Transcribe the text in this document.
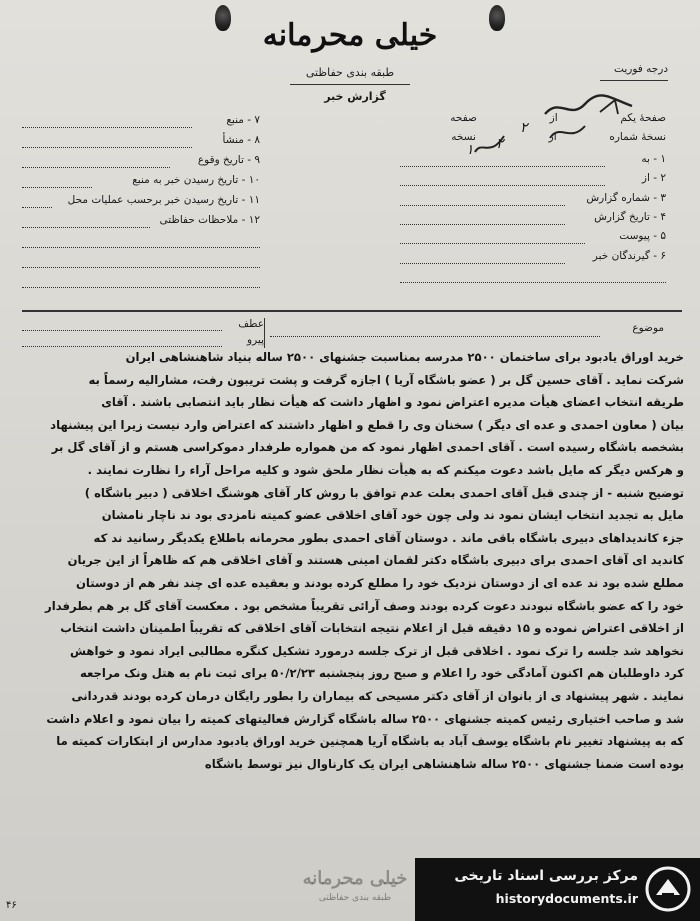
خیلی محرمانه
طبقه بندی حفاظتی
گزارش خبر
درجه فوریت
صفحهٔ یکم  از  صفحه
نسخهٔ شماره  از  نسخه
۲
۱ ۲
۱ - به
۲ - از
۳ - شماره گزارش
۴ - تاریخ گزارش
۵ - پیوست
۶ - گیرندگان خبر
۷ - منبع
۸ - منشأ
۹ - تاریخ وقوع
۱۰ - تاریخ رسیدن خبر به منبع
۱۱ - تاریخ رسیدن خبر برحسب عملیات محل
۱۲ - ملاحظات حفاظتی
موضوع
عطف
پیرو

خرید اوراق یادبود برای ساختمان ۲۵۰۰ مدرسه بمناسبت جشنهای ۲۵۰۰ ساله بنیاد شاهنشاهی ایران

شرکت نماید . آقای حسین گل بر ( عضو باشگاه آریا ) اجازه گرفت و پشت تریبون رفت، مشارالیه رسماً به

طریقه انتخاب اعضای هیأت مدیره اعتراض نمود و اظهار داشت که هیأت نظار باید انتصابی باشند . آقای

بیان ( معاون احمدی و عده ای دیگر ) سخنان وی را قطع و اظهار داشتند که اعتراض وارد نیست زیرا این پیشنهاد

بشخصه باشگاه رسیده است . آقای احمدی اظهار نمود که من همواره طرفدار دموکراسی هستم و از آقای گل بر

و هرکس دیگر که مایل باشد دعوت میکنم که به هیأت نظار ملحق شود و کلیه مراحل آراء را نظارت نمایند .

توضیح شنبه - از چندی قبل آقای احمدی بعلت عدم توافق با روش کار آقای هوشنگ اخلاقی ( دبیر باشگاه )

مایل به تجدید انتخاب ایشان نمود ند ولی چون خود آقای اخلاقی عضو کمیته نامزدی بود ند ناچار نامشان

جزء کاندیداهای دبیری باشگاه باقی ماند . دوستان آقای احمدی بطور محرمانه باطلاع یکدیگر رسانید ند که

کاندید ای آقای احمدی برای دبیری باشگاه دکتر لقمان امینی هستند و آقای اخلاقی هم که ظاهراً از این جریان

مطلع شده بود ند عده ای از دوستان نزدیک خود را مطلع کرده بودند و بعقیده عده ای چند نفر هم از دوستان

خود را که عضو باشگاه نبودند دعوت کرده بودند وصف آرائی تقریباً مشخص بود . معکست آقای گل بر هم بطرفدار

از اخلاقی اعتراض نموده و ۱۵ دقیقه قبل از اعلام نتیجه انتخابات آقای اخلاقی که تقریباً اطمینان داشت انتخاب

نخواهد شد جلسه را ترک نمود . اخلاقی قبل از ترک جلسه درمورد تشکیل کنگره مطالبی ایراد نمود و خواهش

کرد داوطلبان هم اکنون آمادگی خود را اعلام و صبح روز پنجشنبه ۵۰/۲/۲۳ برای ثبت نام به هتل ونک مراجعه

نمایند . شهر پیشنهاد ی از بانوان از آقای دکتر مسیحی که بیماران را بطور رایگان درمان کرده بودند قدردانی

شد و صاحب اختیاری رئیس کمیته جشنهای ۲۵۰۰ ساله باشگاه گزارش فعالیتهای کمیته را بیان نمود و اعلام داشت

که به پیشنهاد تغییر نام باشگاه یوسف آباد به باشگاه آریا همچنین خرید اوراق یادبود مدارس از ابتکارات کمیته ما

بوده است ضمنا جشنهای ۲۵۰۰ ساله شاهنشاهی ایران یک کارناوال نیز توسط باشگاه

خیلی محرمانه
طبقه بندی حفاظتی
۴۶
مرکز بررسی اسناد تاریخی
historydocuments.ir
